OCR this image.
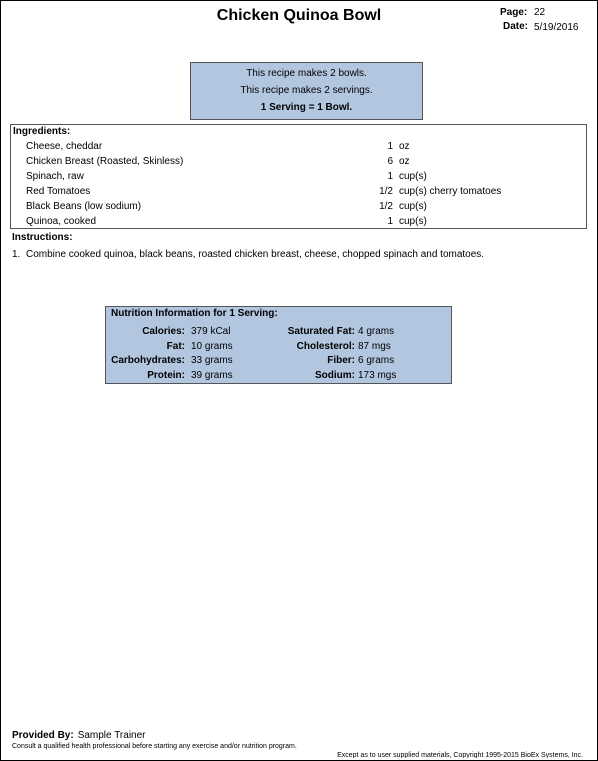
Chicken Quinoa Bowl	Page: 22
Date: 5/19/2016
This recipe makes 2 bowls.
This recipe makes 2 servings.
1 Serving = 1 Bowl.
Ingredients:
Cheese, cheddar	1 oz
Chicken Breast (Roasted, Skinless)	6 oz
Spinach, raw	1 cup(s)
Red Tomatoes	1/2 cup(s) cherry tomatoes
Black Beans (low sodium)	1/2 cup(s)
Quinoa, cooked	1 cup(s)
Instructions:
1. Combine cooked quinoa, black beans, roasted chicken breast, cheese, chopped spinach and tomatoes.
Nutrition Information for 1 Serving:
Calories: 379 kCal	Saturated Fat: 4 grams
Fat: 10 grams	Cholesterol: 87 mgs
Carbohydrates: 33 grams	Fiber: 6 grams
Protein: 39 grams	Sodium: 173 mgs
Provided By: Sample Trainer
Consult a qualified health professional before starting any exercise and/or nutrition program.
Except as to user supplied materials, Copyright 1995-2015 BioEx Systems, Inc.
